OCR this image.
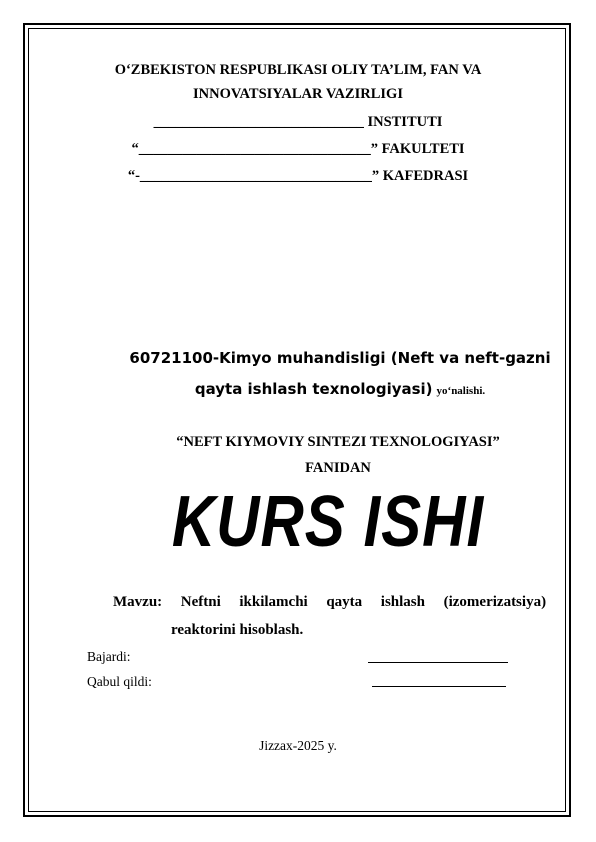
O‘ZBEKISTON RESPUBLIKASI OLIY TA’LIM, FAN VA
INNOVATSIYALAR VAZIRLIGI
_____________________________ INSTITUTI
“________________________________” FAKULTETI
“-________________________________” KAFEDRASI
60721100-Kimyo muhandisligi (Neft va neft-gazni
qayta ishlash texnologiyasi) yo‘nalishi.
“NEFT KIYMOVIY SINTEZI TEXNOLOGIYASI”
FANIDAN
KURS ISHI
Mavzu: Neftni ikkilamchi qayta ishlash (izomerizatsiya)
reaktorini hisoblash.
Bajardi:
Qabul qildi:
Jizzax-2025 y.
